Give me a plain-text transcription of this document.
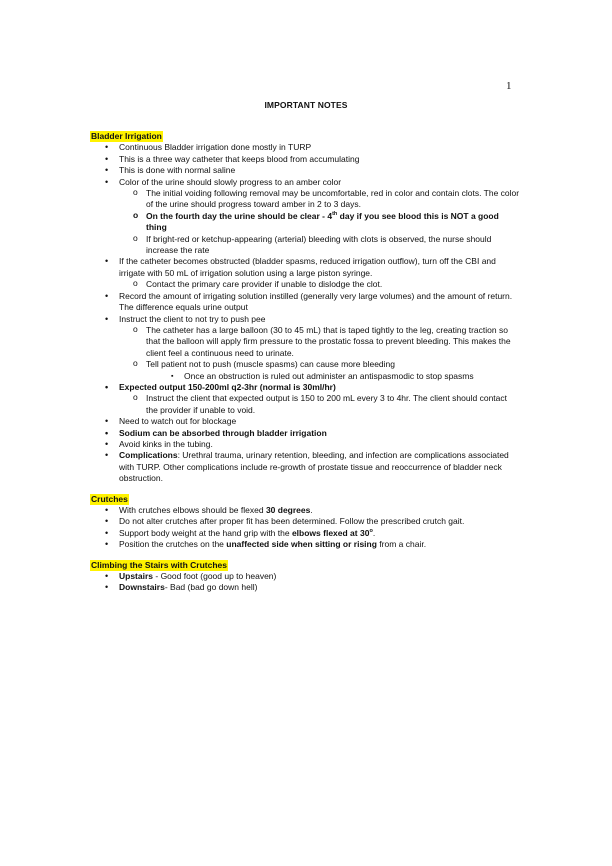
1
IMPORTANT NOTES
Bladder Irrigation
• Continuous Bladder irrigation done mostly in TURP
• This is a three way catheter that keeps blood from accumulating
• This is done with normal saline
• Color of the urine should slowly progress to an amber color
o The initial voiding following removal may be uncomfortable, red in color and contain clots. The color of the urine should progress toward amber in 2 to 3 days.
o On the fourth day the urine should be clear - 4th day if you see blood this is NOT a good thing
o If bright-red or ketchup-appearing (arterial) bleeding with clots is observed, the nurse should increase the rate
• If the catheter becomes obstructed (bladder spasms, reduced irrigation outflow), turn off the CBI and irrigate with 50 mL of irrigation solution using a large piston syringe.
o Contact the primary care provider if unable to dislodge the clot.
• Record the amount of irrigating solution instilled (generally very large volumes) and the amount of return. The difference equals urine output
• Instruct the client to not try to push pee
o The catheter has a large balloon (30 to 45 mL) that is taped tightly to the leg, creating traction so that the balloon will apply firm pressure to the prostatic fossa to prevent bleeding. This makes the client feel a continuous need to urinate.
o Tell patient not to push (muscle spasms) can cause more bleeding
▪ Once an obstruction is ruled out administer an antispasmodic to stop spasms
• Expected output 150-200ml q2-3hr (normal is 30ml/hr)
o Instruct the client that expected output is 150 to 200 mL every 3 to 4hr. The client should contact the provider if unable to void.
• Need to watch out for blockage
• Sodium can be absorbed through bladder irrigation
• Avoid kinks in the tubing.
• Complications: Urethral trauma, urinary retention, bleeding, and infection are complications associated with TURP. Other complications include re-growth of prostate tissue and reoccurrence of bladder neck obstruction.
Crutches
• With crutches elbows should be flexed 30 degrees.
• Do not alter crutches after proper fit has been determined. Follow the prescribed crutch gait.
• Support body weight at the hand grip with the elbows flexed at 30$^o$.
• Position the crutches on the unaffected side when sitting or rising from a chair.
Climbing the Stairs with Crutches
• Upstairs - Good foot (good up to heaven)
• Downstairs- Bad (bad go down hell)
